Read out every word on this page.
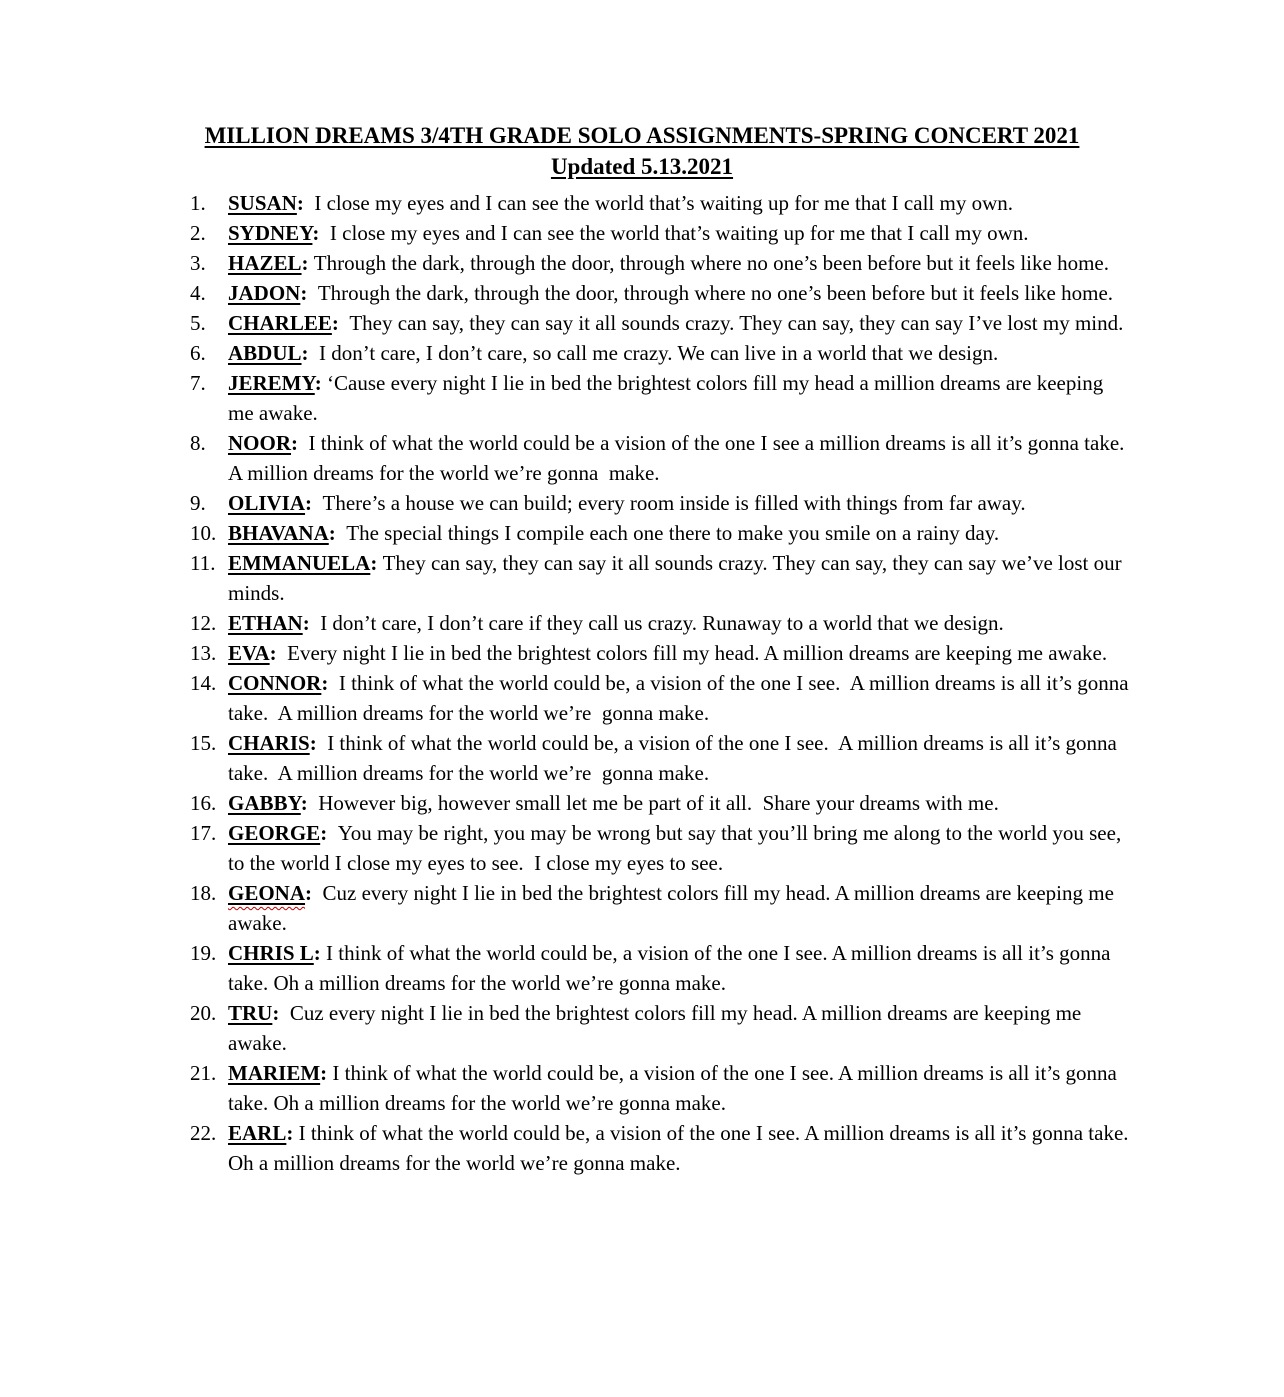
MILLION DREAMS 3/4TH GRADE SOLO ASSIGNMENTS-SPRING CONCERT 2021
Updated 5.13.2021
1. SUSAN:  I close my eyes and I can see the world that’s waiting up for me that I call my own.
2. SYDNEY:  I close my eyes and I can see the world that’s waiting up for me that I call my own.
3. HAZEL: Through the dark, through the door, through where no one’s been before but it feels like home.
4. JADON:  Through the dark, through the door, through where no one’s been before but it feels like home.
5. CHARLEE:  They can say, they can say it all sounds crazy. They can say, they can say I’ve lost my mind.
6. ABDUL:  I don’t care, I don’t care, so call me crazy. We can live in a world that we design.
7. JEREMY: ‘Cause every night I lie in bed the brightest colors fill my head a million dreams are keeping me awake.
8. NOOR:  I think of what the world could be a vision of the one I see a million dreams is all it’s gonna take. A million dreams for the world we’re gonna  make.
9. OLIVIA:  There’s a house we can build; every room inside is filled with things from far away.
10. BHAVANA:  The special things I compile each one there to make you smile on a rainy day.
11. EMMANUELA: They can say, they can say it all sounds crazy. They can say, they can say we’ve lost our minds.
12. ETHAN:  I don’t care, I don’t care if they call us crazy. Runaway to a world that we design.
13. EVA:  Every night I lie in bed the brightest colors fill my head. A million dreams are keeping me awake.
14. CONNOR:  I think of what the world could be, a vision of the one I see.  A million dreams is all it’s gonna take.  A million dreams for the world we’re  gonna make.
15. CHARIS:  I think of what the world could be, a vision of the one I see.  A million dreams is all it’s gonna take.  A million dreams for the world we’re  gonna make.
16. GABBY:  However big, however small let me be part of it all.  Share your dreams with me.
17. GEORGE:  You may be right, you may be wrong but say that you’ll bring me along to the world you see, to the world I close my eyes to see.  I close my eyes to see.
18. GEONA:  Cuz every night I lie in bed the brightest colors fill my head. A million dreams are keeping me awake.
19. CHRIS L: I think of what the world could be, a vision of the one I see. A million dreams is all it’s gonna take. Oh a million dreams for the world we’re gonna make.
20. TRU:  Cuz every night I lie in bed the brightest colors fill my head. A million dreams are keeping me awake.
21. MARIEM: I think of what the world could be, a vision of the one I see. A million dreams is all it’s gonna take. Oh a million dreams for the world we’re gonna make.
22. EARL: I think of what the world could be, a vision of the one I see. A million dreams is all it’s gonna take. Oh a million dreams for the world we’re gonna make.
